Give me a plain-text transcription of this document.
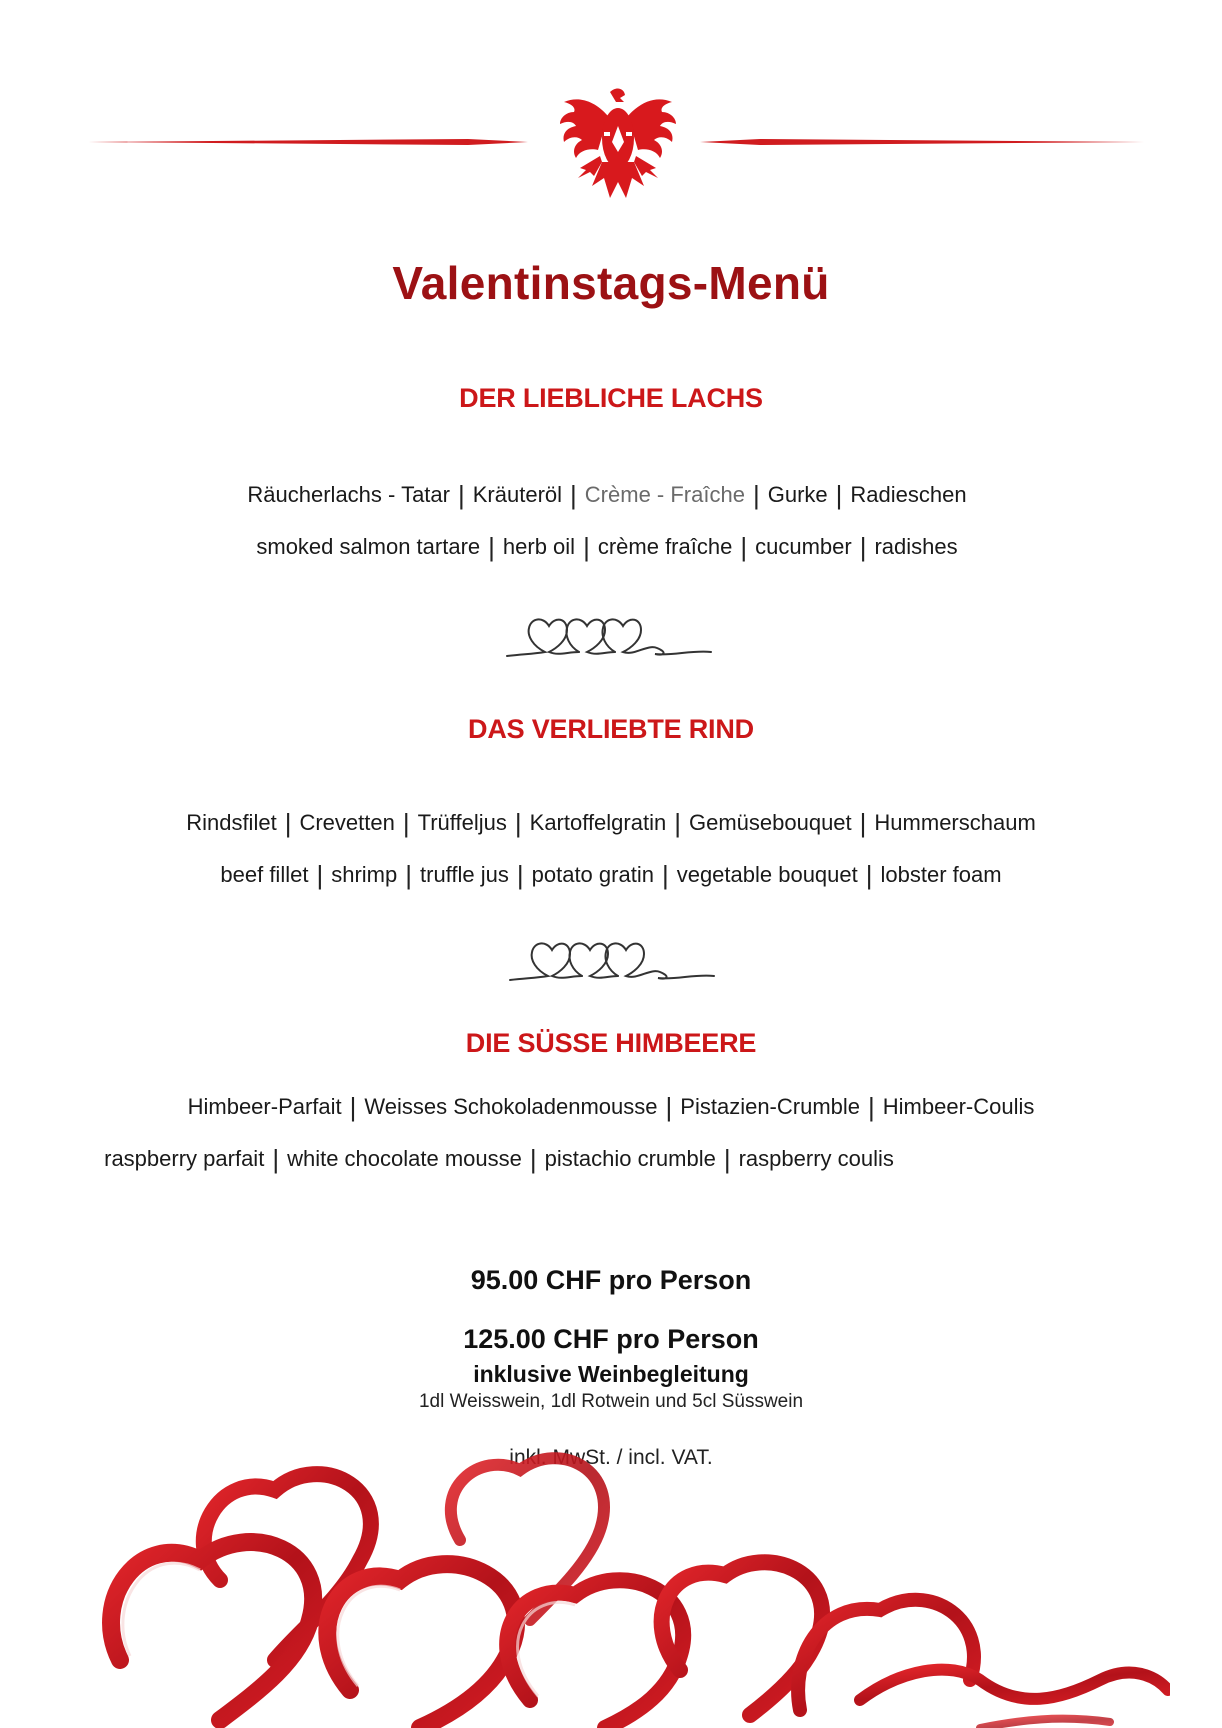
Valentinstags-Menü
DER LIEBLICHE LACHS
Räucherlachs - Tatar | Kräuteröl | Crème - Fraîche | Gurke | Radieschen
smoked salmon tartare | herb oil | crème fraîche | cucumber | radishes
DAS VERLIEBTE RIND
Rindsfilet | Crevetten | Trüffeljus | Kartoffelgratin | Gemüsebouquet | Hummerschaum
beef fillet | shrimp | truffle jus | potato gratin | vegetable bouquet | lobster foam
DIE SÜSSE HIMBEERE
Himbeer-Parfait | Weisses Schokoladenmousse | Pistazien-Crumble | Himbeer-Coulis
raspberry parfait | white chocolate mousse | pistachio crumble | raspberry coulis
95.00 CHF pro Person
125.00 CHF pro Person
inklusive Weinbegleitung
1dl Weisswein, 1dl Rotwein und 5cl Süsswein
inkl. MwSt. / incl. VAT.
